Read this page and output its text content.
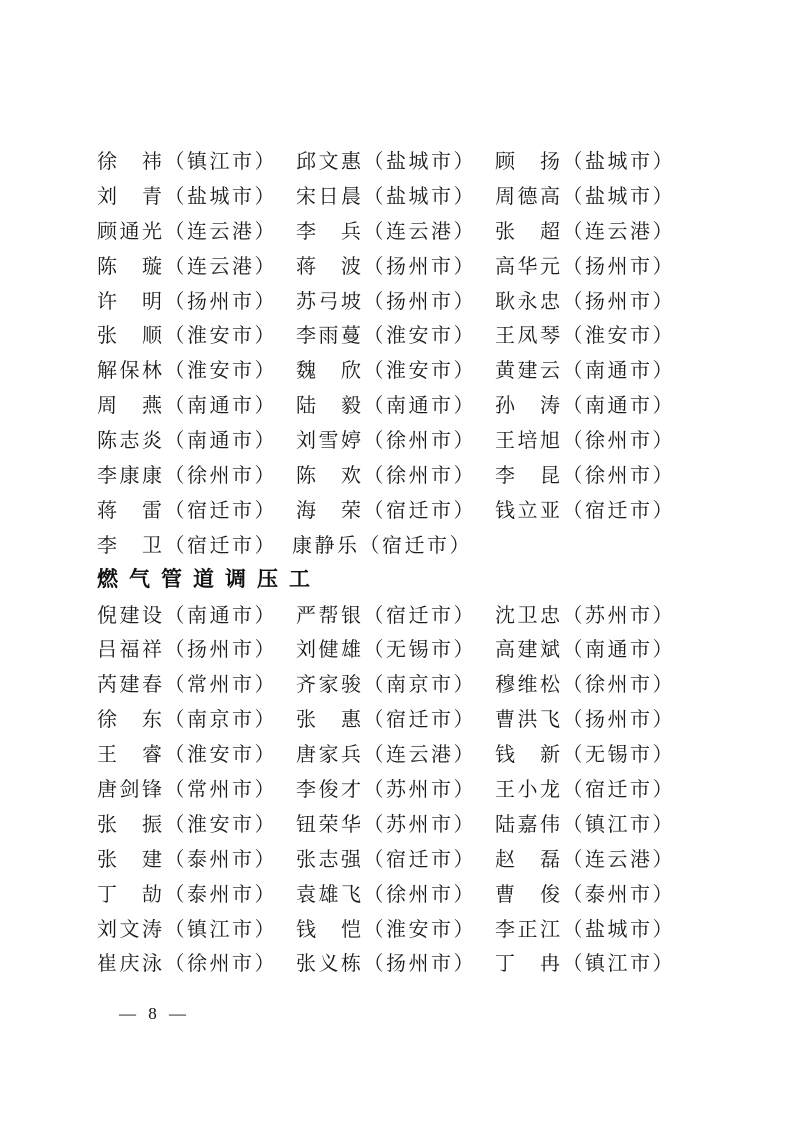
徐　祎（镇江市） 邱文惠（盐城市） 顾　扬（盐城市）
刘　青（盐城市） 宋日晨（盐城市） 周德高（盐城市）
顾通光（连云港） 李　兵（连云港） 张　超（连云港）
陈　璇（连云港） 蒋　波（扬州市） 高华元（扬州市）
许　明（扬州市） 苏弓坡（扬州市） 耿永忠（扬州市）
张　顺（淮安市） 李雨蔓（淮安市） 王凤琴（淮安市）
解保林（淮安市） 魏　欣（淮安市） 黄建云（南通市）
周　燕（南通市） 陆　毅（南通市） 孙　涛（南通市）
陈志炎（南通市） 刘雪婷（徐州市） 王培旭（徐州市）
李康康（徐州市） 陈　欢（徐州市） 李　昆（徐州市）
蒋　雷（宿迁市） 海　荣（宿迁市） 钱立亚（宿迁市）
李　卫（宿迁市） 康静乐（宿迁市）
燃气管道调压工
倪建设（南通市） 严帮银（宿迁市） 沈卫忠（苏州市）
吕福祥（扬州市） 刘健雄（无锡市） 高建斌（南通市）
芮建春（常州市） 齐家骏（南京市） 穆维松（徐州市）
徐　东（南京市） 张　惠（宿迁市） 曹洪飞（扬州市）
王　睿（淮安市） 唐家兵（连云港） 钱　新（无锡市）
唐剑锋（常州市） 李俊才（苏州市） 王小龙（宿迁市）
张　振（淮安市） 钮荣华（苏州市） 陆嘉伟（镇江市）
张　建（泰州市） 张志强（宿迁市） 赵　磊（连云港）
丁　劼（泰州市） 袁雄飞（徐州市） 曹　俊（泰州市）
刘文涛（镇江市） 钱　恺（淮安市） 李正江（盐城市）
崔庆泳（徐州市） 张义栋（扬州市） 丁　冉（镇江市）
— 8 —
